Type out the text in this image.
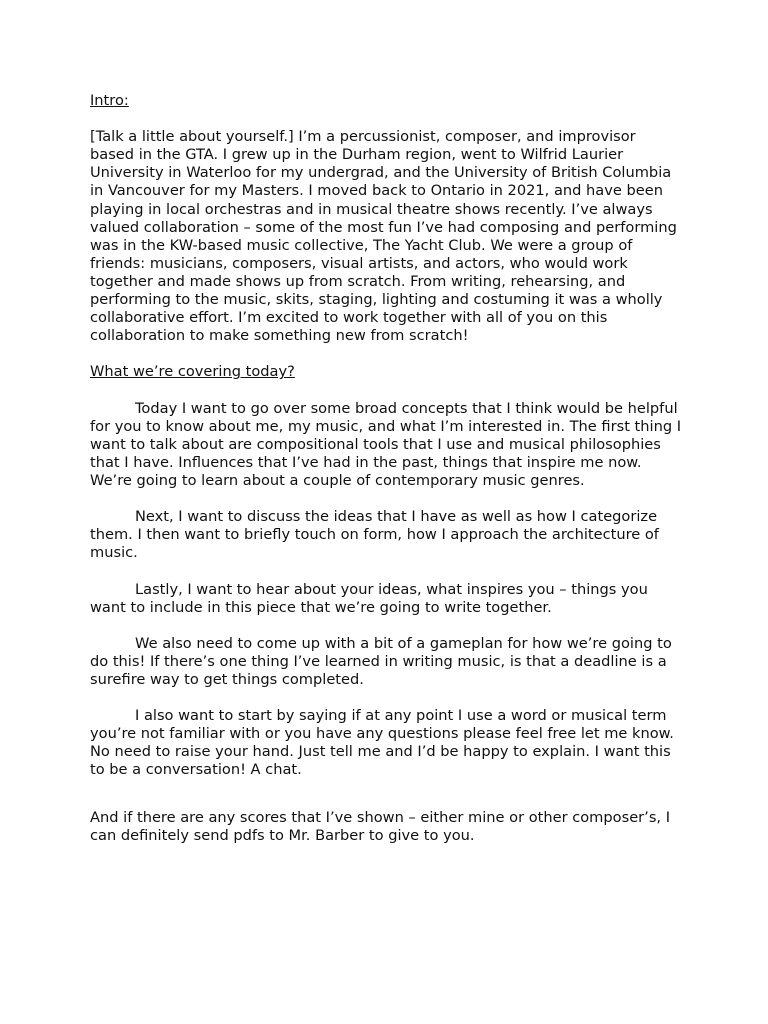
Intro:

[Talk a little about yourself.] I’m a percussionist, composer, and improvisor based in the GTA. I grew up in the Durham region, went to Wilfrid Laurier University in Waterloo for my undergrad, and the University of British Columbia in Vancouver for my Masters. I moved back to Ontario in 2021, and have been playing in local orchestras and in musical theatre shows recently. I’ve always valued collaboration – some of the most fun I’ve had composing and performing was in the KW-based music collective, The Yacht Club. We were a group of friends: musicians, composers, visual artists, and actors, who would work together and made shows up from scratch. From writing, rehearsing, and performing to the music, skits, staging, lighting and costuming it was a wholly collaborative effort. I’m excited to work together with all of you on this collaboration to make something new from scratch!

What we’re covering today?

Today I want to go over some broad concepts that I think would be helpful for you to know about me, my music, and what I’m interested in. The first thing I want to talk about are compositional tools that I use and musical philosophies that I have. Influences that I’ve had in the past, things that inspire me now. We’re going to learn about a couple of contemporary music genres.

Next, I want to discuss the ideas that I have as well as how I categorize them. I then want to briefly touch on form, how I approach the architecture of music.

Lastly, I want to hear about your ideas, what inspires you – things you want to include in this piece that we’re going to write together.

We also need to come up with a bit of a gameplan for how we’re going to do this! If there’s one thing I’ve learned in writing music, is that a deadline is a surefire way to get things completed.

I also want to start by saying if at any point I use a word or musical term you’re not familiar with or you have any questions please feel free let me know. No need to raise your hand. Just tell me and I’d be happy to explain. I want this to be a conversation! A chat.

And if there are any scores that I’ve shown – either mine or other composer’s, I can definitely send pdfs to Mr. Barber to give to you.
